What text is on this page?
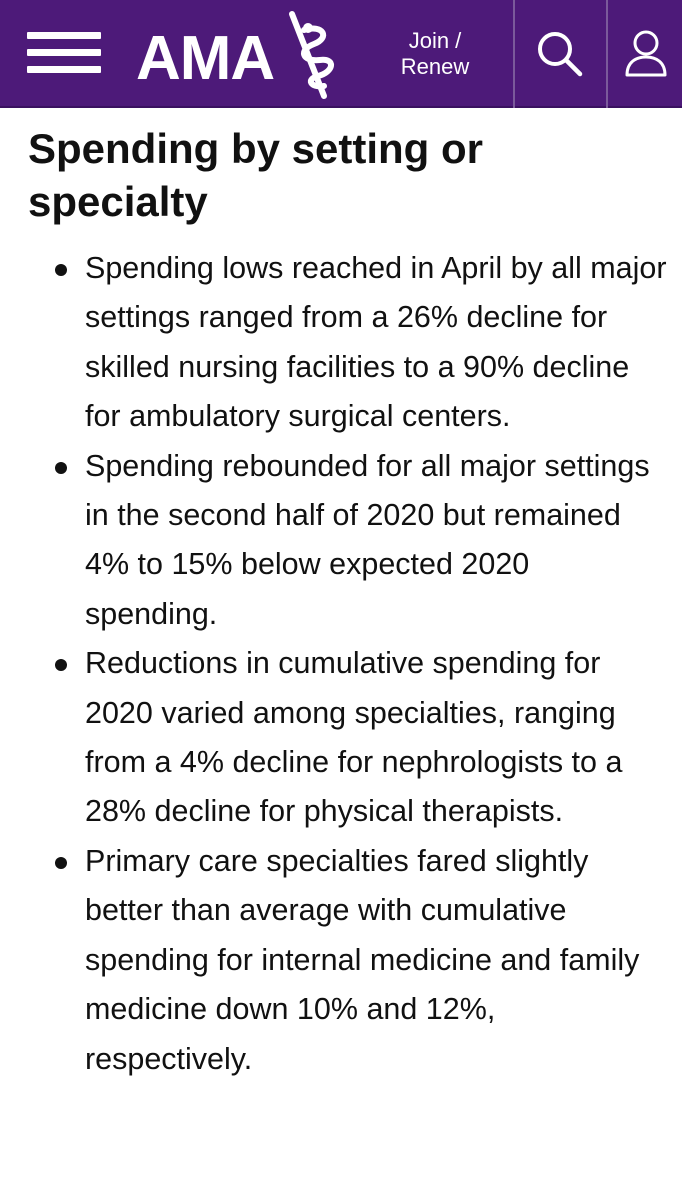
AMA	Join /
Renew
Spending by setting or specialty
Spending lows reached in April by all major settings ranged from a 26% decline for skilled nursing facilities to a 90% decline for ambulatory surgical centers.
Spending rebounded for all major settings in the second half of 2020 but remained 4% to 15% below expected 2020 spending.
Reductions in cumulative spending for 2020 varied among specialties, ranging from a 4% decline for nephrologists to a 28% decline for physical therapists.
Primary care specialties fared slightly better than average with cumulative spending for internal medicine and family medicine down 10% and 12%, respectively.
